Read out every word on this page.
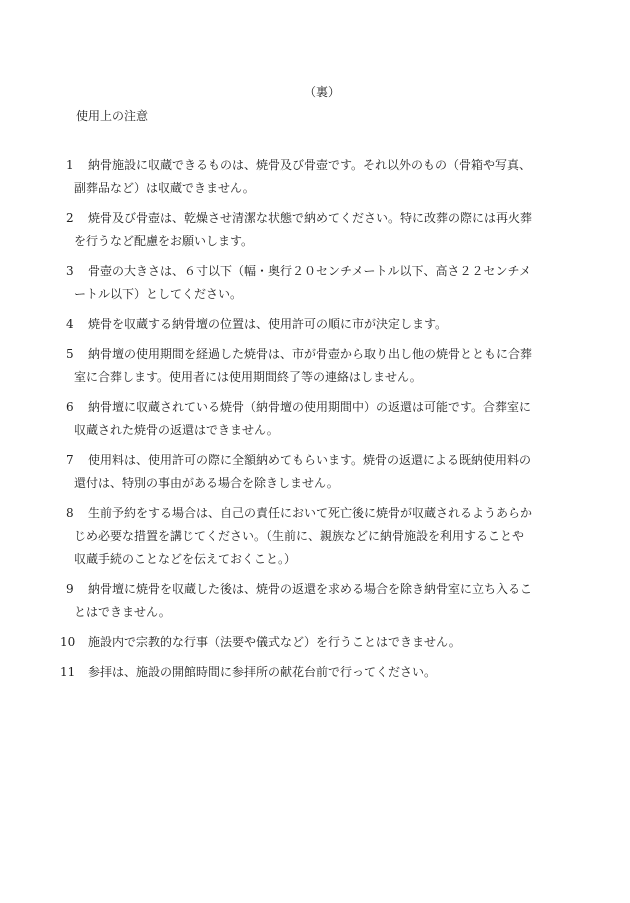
（裏）
使用上の注意
1	納骨施設に収蔵できるものは、焼骨及び骨壺です。それ以外のもの（骨箱や写真、
副葬品など）は収蔵できません。
2	焼骨及び骨壺は、乾燥させ清潔な状態で納めてください。特に改葬の際には再火葬
を行うなど配慮をお願いします。
3	骨壺の大きさは、６寸以下（幅・奥行２０センチメートル以下、高さ２２センチメ
ートル以下）としてください。
4	焼骨を収蔵する納骨壇の位置は、使用許可の順に市が決定します。
5	納骨壇の使用期間を経過した焼骨は、市が骨壺から取り出し他の焼骨とともに合葬
室に合葬します。使用者には使用期間終了等の連絡はしません。
6	納骨壇に収蔵されている焼骨（納骨壇の使用期間中）の返還は可能です。合葬室に
収蔵された焼骨の返還はできません。
7	使用料は、使用許可の際に全額納めてもらいます。焼骨の返還による既納使用料の
還付は、特別の事由がある場合を除きしません。
8	生前予約をする場合は、自己の責任において死亡後に焼骨が収蔵されるようあらか
じめ必要な措置を講じてください。（生前に、親族などに納骨施設を利用することや
収蔵手続のことなどを伝えておくこと。）
9	納骨壇に焼骨を収蔵した後は、焼骨の返還を求める場合を除き納骨室に立ち入るこ
とはできません。
10	施設内で宗教的な行事（法要や儀式など）を行うことはできません。
11	参拝は、施設の開館時間に参拝所の献花台前で行ってください。
